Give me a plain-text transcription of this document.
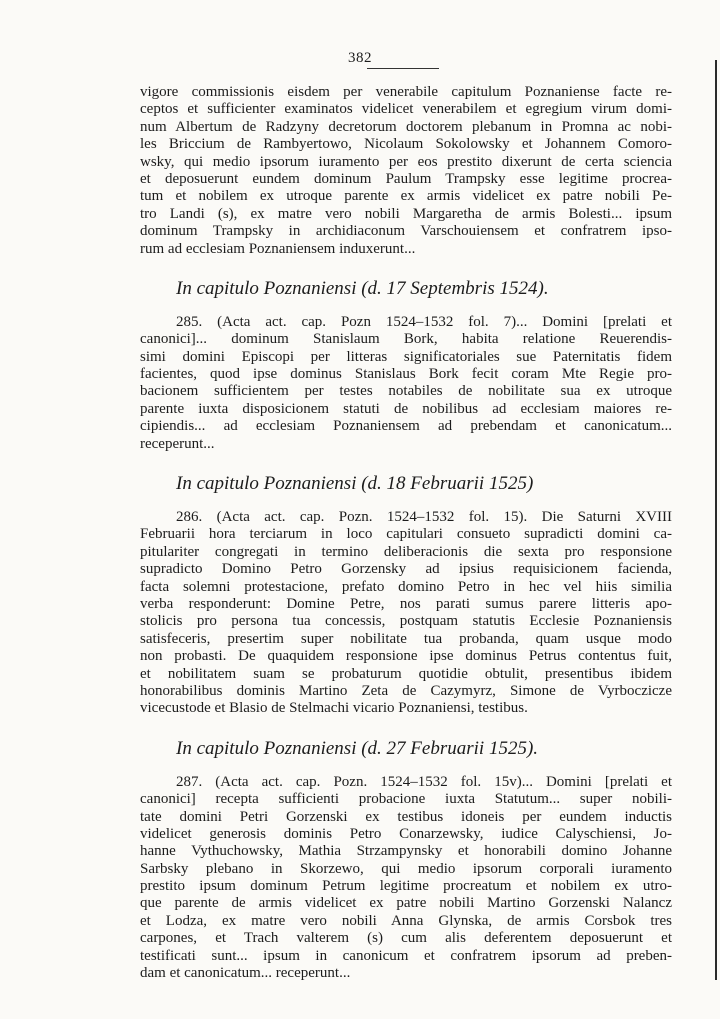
382
vigore commissionis eisdem per venerabile capitulum Poznaniense facte re-
ceptos et sufficienter examinatos videlicet venerabilem et egregium virum domi-
num Albertum de Radzyny decretorum doctorem plebanum in Promna ac nobi-
les Briccium de Rambyertowo, Nicolaum Sokolowsky et Johannem Comoro-
wsky, qui medio ipsorum iuramento per eos prestito dixerunt de certa sciencia
et deposuerunt eundem dominum Paulum Trampsky esse legitime procrea-
tum et nobilem ex utroque parente ex armis videlicet ex patre nobili Pe-
tro Landi (s), ex matre vero nobili Margaretha de armis Bolesti... ipsum
dominum Trampsky in archidiaconum Varschouiensem et confratrem ipso-
rum ad ecclesiam Poznaniensem induxerunt...
In capitulo Poznaniensi (d. 17 Septembris 1524).
285. (Acta act. cap. Pozn 1524–1532 fol. 7)... Domini [prelati et
canonici]... dominum Stanislaum Bork, habita relatione Reuerendis-
simi domini Episcopi per litteras significatoriales sue Paternitatis fidem
facientes, quod ipse dominus Stanislaus Bork fecit coram Mte Regie pro-
bacionem sufficientem per testes notabiles de nobilitate sua ex utroque
parente iuxta disposicionem statuti de nobilibus ad ecclesiam maiores re-
cipiendis... ad ecclesiam Poznaniensem ad prebendam et canonicatum...
receperunt...
In capitulo Poznaniensi (d. 18 Februarii 1525)
286. (Acta act. cap. Pozn. 1524–1532 fol. 15). Die Saturni XVIII
Februarii hora terciarum in loco capitulari consueto supradicti domini ca-
pitulariter congregati in termino deliberacionis die sexta pro responsione
supradicto Domino Petro Gorzensky ad ipsius requisicionem facienda,
facta solemni protestacione, prefato domino Petro in hec vel hiis similia
verba responderunt: Domine Petre, nos parati sumus parere litteris apo-
stolicis pro persona tua concessis, postquam statutis Ecclesie Poznaniensis
satisfeceris, presertim super nobilitate tua probanda, quam usque modo
non probasti. De quaquidem responsione ipse dominus Petrus contentus fuit,
et nobilitatem suam se probaturum quotidie obtulit, presentibus ibidem
honorabilibus dominis Martino Zeta de Cazymyrz, Simone de Vyrboczicze
vicecustode et Blasio de Stelmachi vicario Poznaniensi, testibus.
In capitulo Poznaniensi (d. 27 Februarii 1525).
287. (Acta act. cap. Pozn. 1524–1532 fol. 15v)... Domini [prelati et
canonici] recepta sufficienti probacione iuxta Statutum... super nobili-
tate domini Petri Gorzenski ex testibus idoneis per eundem inductis
videlicet generosis dominis Petro Conarzewsky, iudice Calyschiensi, Jo-
hanne Vythuchowsky, Mathia Strzampynsky et honorabili domino Johanne
Sarbsky plebano in Skorzewo, qui medio ipsorum corporali iuramento
prestito ipsum dominum Petrum legitime procreatum et nobilem ex utro-
que parente de armis videlicet ex patre nobili Martino Gorzenski Nalancz
et Lodza, ex matre vero nobili Anna Glynska, de armis Corsbok tres
carpones, et Trach valterem (s) cum alis deferentem deposuerunt et
testificati sunt... ipsum in canonicum et confratrem ipsorum ad preben-
dam et canonicatum... receperunt...
